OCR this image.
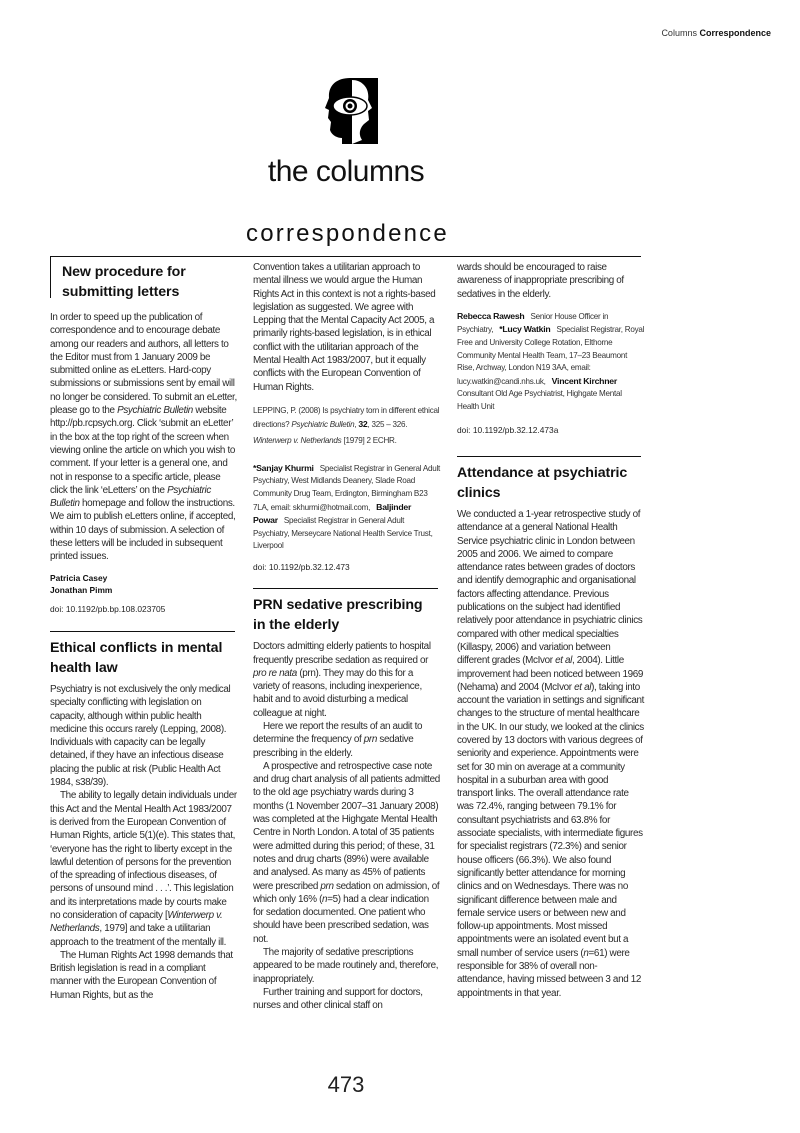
Columns Correspondence
the columns
correspondence
New procedure for
submitting letters

In order to speed up the publication of correspondence and to encourage debate among our readers and authors, all letters to the Editor must from 1 January 2009 be submitted online as eLetters. Hard-copy submissions or submissions sent by email will no longer be considered. To submit an eLetter, please go to the Psychiatric Bulletin website http://pb.rcpsych.org. Click ‘submit an eLetter’ in the box at the top right of the screen when viewing online the article on which you wish to comment. If your letter is a general one, and not in response to a specific article, please click the link ‘eLetters’ on the Psychiatric Bulletin homepage and follow the instructions. We aim to publish eLetters online, if accepted, within 10 days of submission. A selection of these letters will be included in subsequent printed issues.

Patricia Casey
Jonathan Pimm
doi: 10.1192/pb.bp.108.023705
Ethical conflicts in mental
health law

Psychiatry is not exclusively the only medical specialty conflicting with legislation on capacity, although within public health medicine this occurs rarely (Lepping, 2008). Individuals with capacity can be legally detained, if they have an infectious disease placing the public at risk (Public Health Act 1984, s38/39).

The ability to legally detain individuals under this Act and the Mental Health Act 1983/2007 is derived from the European Convention of Human Rights, article 5(1)(e). This states that, ‘everyone has the right to liberty except in the lawful detention of persons for the prevention of the spreading of infectious diseases, of persons of unsound mind . . .’. This legislation and its interpretations made by courts make no consideration of capacity [Winterwerp v. Netherlands, 1979] and take a utilitarian approach to the treatment of the mentally ill.

The Human Rights Act 1998 demands that British legislation is read in a compliant manner with the European Convention of Human Rights, but as the

Convention takes a utilitarian approach to mental illness we would argue the Human Rights Act in this context is not a rights-based legislation as suggested. We agree with Lepping that the Mental Capacity Act 2005, a primarily rights-based legislation, is in ethical conflict with the utilitarian approach of the Mental Health Act 1983/2007, but it equally conflicts with the European Convention of Human Rights.

LEPPING, P. (2008) Is psychiatry torn in different ethical directions? Psychiatric Bulletin, 32, 325 – 326.
Winterwerp v. Netherlands [1979] 2 ECHR.
*Sanjay Khurmi   Specialist Registrar in General Adult Psychiatry, West Midlands Deanery, Slade Road Community Drug Team, Erdington, Birmingham B23 7LA, email: skhurmi@hotmail.com,   Baljinder Powar   Specialist Registrar in General Adult Psychiatry, Merseycare National Health Service Trust, Liverpool
doi: 10.1192/pb.32.12.473
PRN sedative prescribing
in the elderly

Doctors admitting elderly patients to hospital frequently prescribe sedation as required or pro re nata (prn). They may do this for a variety of reasons, including inexperience, habit and to avoid disturbing a medical colleague at night.

Here we report the results of an audit to determine the frequency of prn sedative prescribing in the elderly.

A prospective and retrospective case note and drug chart analysis of all patients admitted to the old age psychiatry wards during 3 months (1 November 2007–31 January 2008) was completed at the Highgate Mental Health Centre in North London. A total of 35 patients were admitted during this period; of these, 31 notes and drug charts (89%) were available and analysed. As many as 45% of patients were prescribed prn sedation on admission, of which only 16% (n=5) had a clear indication for sedation documented. One patient who should have been prescribed sedation, was not.

The majority of sedative prescriptions appeared to be made routinely and, therefore, inappropriately.

Further training and support for doctors, nurses and other clinical staff on

wards should be encouraged to raise awareness of inappropriate prescribing of sedatives in the elderly.

Rebecca Rawesh   Senior House Officer in Psychiatry,   *Lucy Watkin   Specialist Registrar, Royal Free and University College Rotation, Elthorne Community Mental Health Team, 17–23 Beaumont Rise, Archway, London N19 3AA, email: lucy.watkin@candi.nhs.uk,   Vincent Kirchner   Consultant Old Age Psychiatrist, Highgate Mental Health Unit
doi: 10.1192/pb.32.12.473a
Attendance at psychiatric
clinics

We conducted a 1-year retrospective study of attendance at a general National Health Service psychiatric clinic in London between 2005 and 2006. We aimed to compare attendance rates between grades of doctors and identify demographic and organisational factors affecting attendance. Previous publications on the subject had identified relatively poor attendance in psychiatric clinics compared with other medical specialties (Killaspy, 2006) and variation between different grades (McIvor et al, 2004). Little improvement had been noticed between 1969 (Nehama) and 2004 (McIvor et al), taking into account the variation in settings and significant changes to the structure of mental healthcare in the UK. In our study, we looked at the clinics covered by 13 doctors with various degrees of seniority and experience. Appointments were set for 30 min on average at a community hospital in a suburban area with good transport links. The overall attendance rate was 72.4%, ranging between 79.1% for consultant psychiatrists and 63.8% for associate specialists, with intermediate figures for specialist registrars (72.3%) and senior house officers (66.3%). We also found significantly better attendance for morning clinics and on Wednesdays. There was no significant difference between male and female service users or between new and follow-up appointments. Most missed appointments were an isolated event but a small number of service users (n=61) were responsible for 38% of overall non-attendance, having missed between 3 and 12 appointments in that year.

473
